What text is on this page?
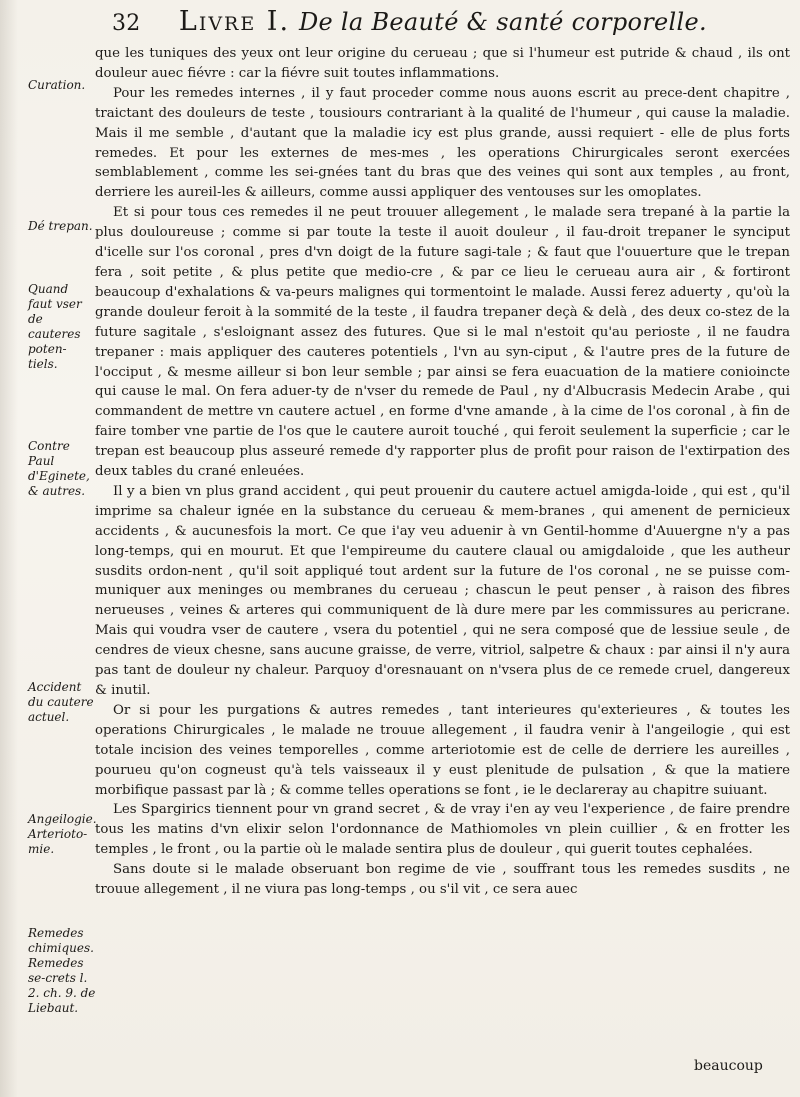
32 Livre I. De la Beauté & santé corporelle.
Curation.
Dé trepan.
Quand faut vser de cauteres poten-tiels.
Contre Paul d'Eginete, & autres.
Accident du cautere actuel.
Angeilogie. Arterioto-mie.
Remedes chimiques. Remedes se-crets l. 2. ch. 9. de Liebaut.

que les tuniques des yeux ont leur origine du cerueau ; que si l'humeur est putride & chaud , ils ont douleur auec fiévre : car la fiévre suit toutes inflammations.

Pour les remedes internes , il y faut proceder comme nous auons escrit au prece-dent chapitre , traictant des douleurs de teste , tousiours contrariant à la qualité de l'humeur , qui cause la maladie. Mais il me semble , d'autant que la maladie icy est plus grande, aussi requiert - elle de plus forts remedes. Et pour les externes de mes-mes , les operations Chirurgicales seront exercées semblablement , comme les sei-gnées tant du bras que des veines qui sont aux temples , au front, derriere les aureil-les & ailleurs, comme aussi appliquer des ventouses sur les omoplates.

Et si pour tous ces remedes il ne peut trouuer allegement , le malade sera trepané à la partie la plus douloureuse ; comme si par toute la teste il auoit douleur , il fau-droit trepaner le synciput d'icelle sur l'os coronal , pres d'vn doigt de la future sagi-tale ; & faut que l'ouuerture que le trepan fera , soit petite , & plus petite que medio-cre , & par ce lieu le cerueau aura air , & fortiront beaucoup d'exhalations & va-peurs malignes qui tormentoint le malade. Aussi ferez aduerty , qu'où la grande douleur feroit à la sommité de la teste , il faudra trepaner deçà & delà , des deux co-stez de la future sagitale , s'esloignant assez des futures. Que si le mal n'estoit qu'au perioste , il ne faudra trepaner : mais appliquer des cauteres potentiels , l'vn au syn-ciput , & l'autre pres de la future de l'occiput , & mesme ailleur si bon leur semble ; par ainsi se fera euacuation de la matiere conioincte qui cause le mal. On fera aduer-ty de n'vser du remede de Paul , ny d'Albucrasis Medecin Arabe , qui commandent de mettre vn cautere actuel , en forme d'vne amande , à la cime de l'os coronal , à fin de faire tomber vne partie de l'os que le cautere auroit touché , qui feroit seulement la superficie ; car le trepan est beaucoup plus asseuré remede d'y rapporter plus de profit pour raison de l'extirpation des deux tables du crané enleuées.

Il y a bien vn plus grand accident , qui peut prouenir du cautere actuel amigda-loide , qui est , qu'il imprime sa chaleur ignée en la substance du cerueau & mem-branes , qui amenent de pernicieux accidents , & aucunesfois la mort. Ce que i'ay veu aduenir à vn Gentil-homme d'Auuergne n'y a pas long-temps, qui en mourut. Et que l'empireume du cautere claual ou amigdaloide , que les autheur susdits ordon-nent , qu'il soit appliqué tout ardent sur la future de l'os coronal , ne se puisse com-muniquer aux meninges ou membranes du cerueau ; chascun le peut penser , à raison des fibres nerueuses , veines & arteres qui communiquent de là dure mere par les commissures au pericrane. Mais qui voudra vser de cautere , vsera du potentiel , qui ne sera composé que de lessiue seule , de cendres de vieux chesne, sans aucune graisse, de verre, vitriol, salpetre & chaux : par ainsi il n'y aura pas tant de douleur ny chaleur. Parquoy d'oresnauant on n'vsera plus de ce remede cruel, dangereux & inutil.

Or si pour les purgations & autres remedes , tant interieures qu'exterieures , & toutes les operations Chirurgicales , le malade ne trouue allegement , il faudra venir à l'angeilogie , qui est totale incision des veines temporelles , comme arteriotomie est de celle de derriere les aureilles , pourueu qu'on cogneust qu'à tels vaisseaux il y eust plenitude de pulsation , & que la matiere morbifique passast par là ; & comme telles operations se font , ie le declareray au chapitre suiuant.

Les Spargirics tiennent pour vn grand secret , & de vray i'en ay veu l'experience , de faire prendre tous les matins d'vn elixir selon l'ordonnance de Mathiomoles vn plein cuillier , & en frotter les temples , le front , ou la partie où le malade sentira plus de douleur , qui guerit toutes cephalées.

Sans doute si le malade obseruant bon regime de vie , souffrant tous les remedes susdits , ne trouue allegement , il ne viura pas long-temps , ou s'il vit , ce sera auec

beaucoup
